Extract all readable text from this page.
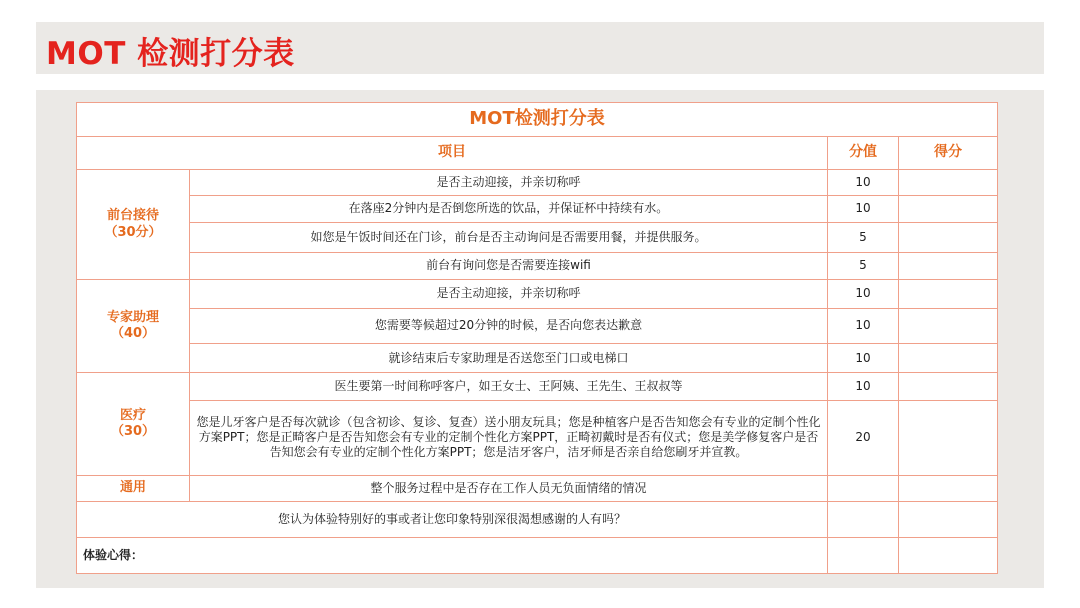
MOT 检测打分表
MOT检测打分表			
项目		分值	得分

前台接待
（30分）	是否主动迎接，并亲切称呼	10	
	在落座2分钟内是否倒您所选的饮品，并保证杯中持续有水。	10	
	如您是午饭时间还在门诊，前台是否主动询问是否需要用餐，并提供服务。	5	
	前台有询问您是否需要连接wifi	5	

专家助理
（40）	是否主动迎接，并亲切称呼	10	
	您需要等候超过20分钟的时候，是否向您表达歉意	10	
	就诊结束后专家助理是否送您至门口或电梯口	10	

医疗
（30）	医生要第一时间称呼客户，如王女士、王阿姨、王先生、王叔叔等	10	
	您是儿牙客户是否每次就诊（包含初诊、复诊、复查）送小朋友玩具；您是种植客户是否告知您会有专业的定制个性化方案PPT；您是正畸客户是否告知您会有专业的定制个性化方案PPT，正畸初戴时是否有仪式；您是美学修复客户是否告知您会有专业的定制个性化方案PPT；您是洁牙客户，洁牙师是否亲自给您刷牙并宣教。	20	
通用	整个服务过程中是否存在工作人员无负面情绪的情况		
您认为体验特别好的事或者让您印象特别深很渴想感谢的人有吗？			
体验心得：			
